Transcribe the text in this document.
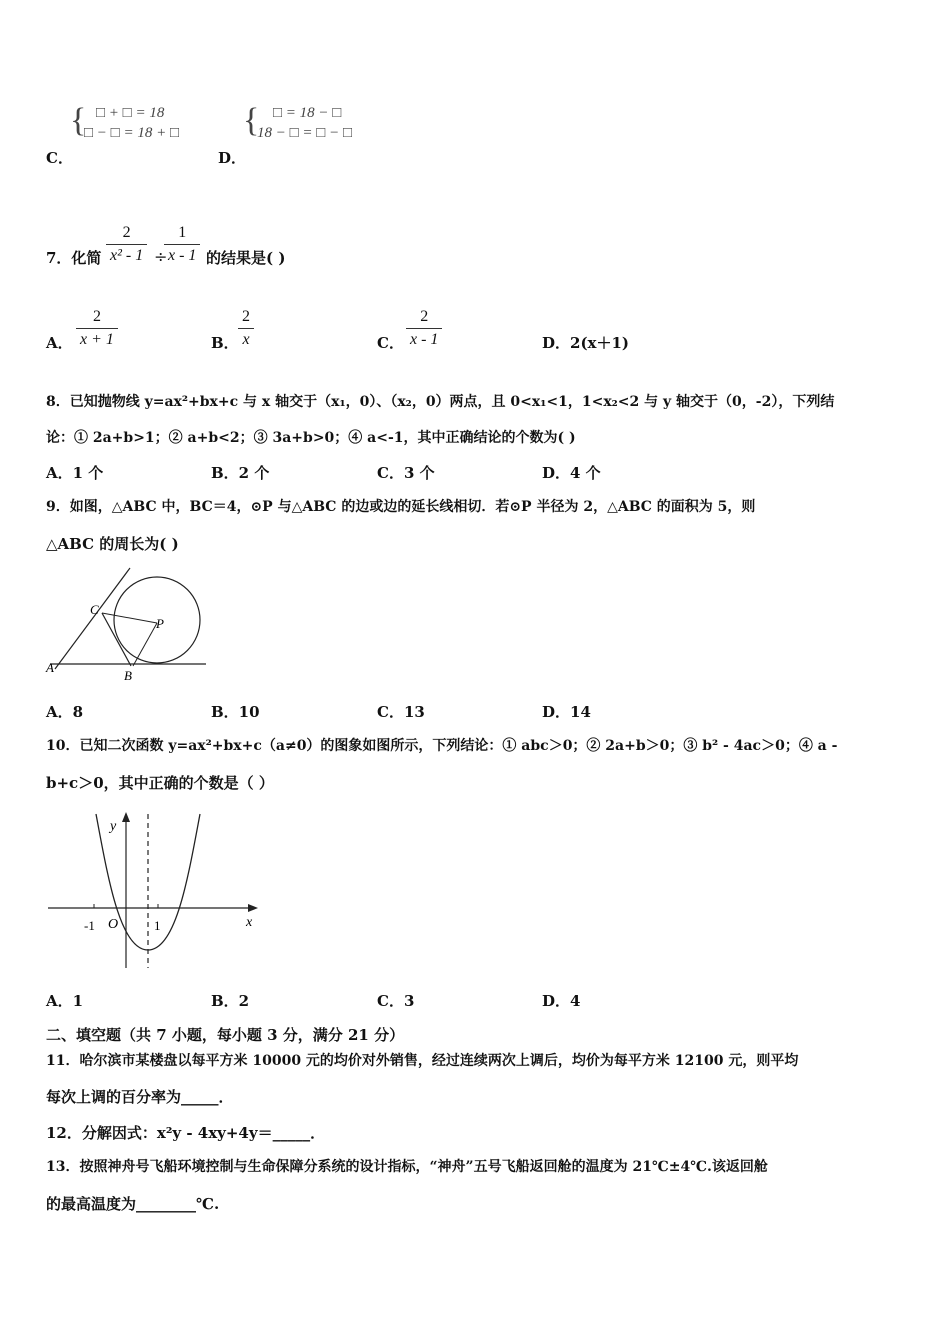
{ □ + □ = 18
□ − □ = 18 + □
C．
{ □ = 18 − □
18 − □ = □ − □
D．
7．化简 $\frac{2}{\text{x² - 1}}$ ÷
$\frac{1}{x - 1}$ 的结果是( )
A． $\frac{2}{x + 1}$	B． $\frac{2}{x}$	C． $\frac{2}{x - 1}$	D．2(x＋1)
8．已知抛物线 y=ax²+bx+c 与 x 轴交于（x₁，0）、（x₂，0）两点，且 0<x₁<1，1<x₂<2 与 y 轴交于（0，-2），下列结
论：① 2a+b>1；② a+b<2；③ 3a+b>0；④ a<-1，其中正确结论的个数为( )
A．1 个	B．2 个	C．3 个	D．4 个
9．如图，△ABC 中，BC＝4，⊙P 与△ABC 的边或边的延长线相切．若⊙P 半径为 2，△ABC 的面积为 5，则
△ABC 的周长为( )
A
B
C
P
A．8	B．10	C．13	D．14
10．已知二次函数 y=ax²+bx+c（a≠0）的图象如图所示，下列结论：① abc＞0；② 2a+b＞0；③ b² - 4ac＞0；④ a -
b+c＞0，其中正确的个数是（ ）
y
x
O
-1	1
A．1	B．2	C．3	D．4
二、填空题（共 7 小题，每小题 3 分，满分 21 分）
11．哈尔滨市某楼盘以每平方米 10000 元的均价对外销售，经过连续两次上调后，均价为每平方米 12100 元，则平均
每次上调的百分率为_____．
12．分解因式：x²y - 4xy+4y＝_____．
13．按照神舟号飞船环境控制与生命保障分系统的设计指标，“神舟”五号飞船返回舱的温度为 21℃±4℃.该返回舱
的最高温度为________℃.
